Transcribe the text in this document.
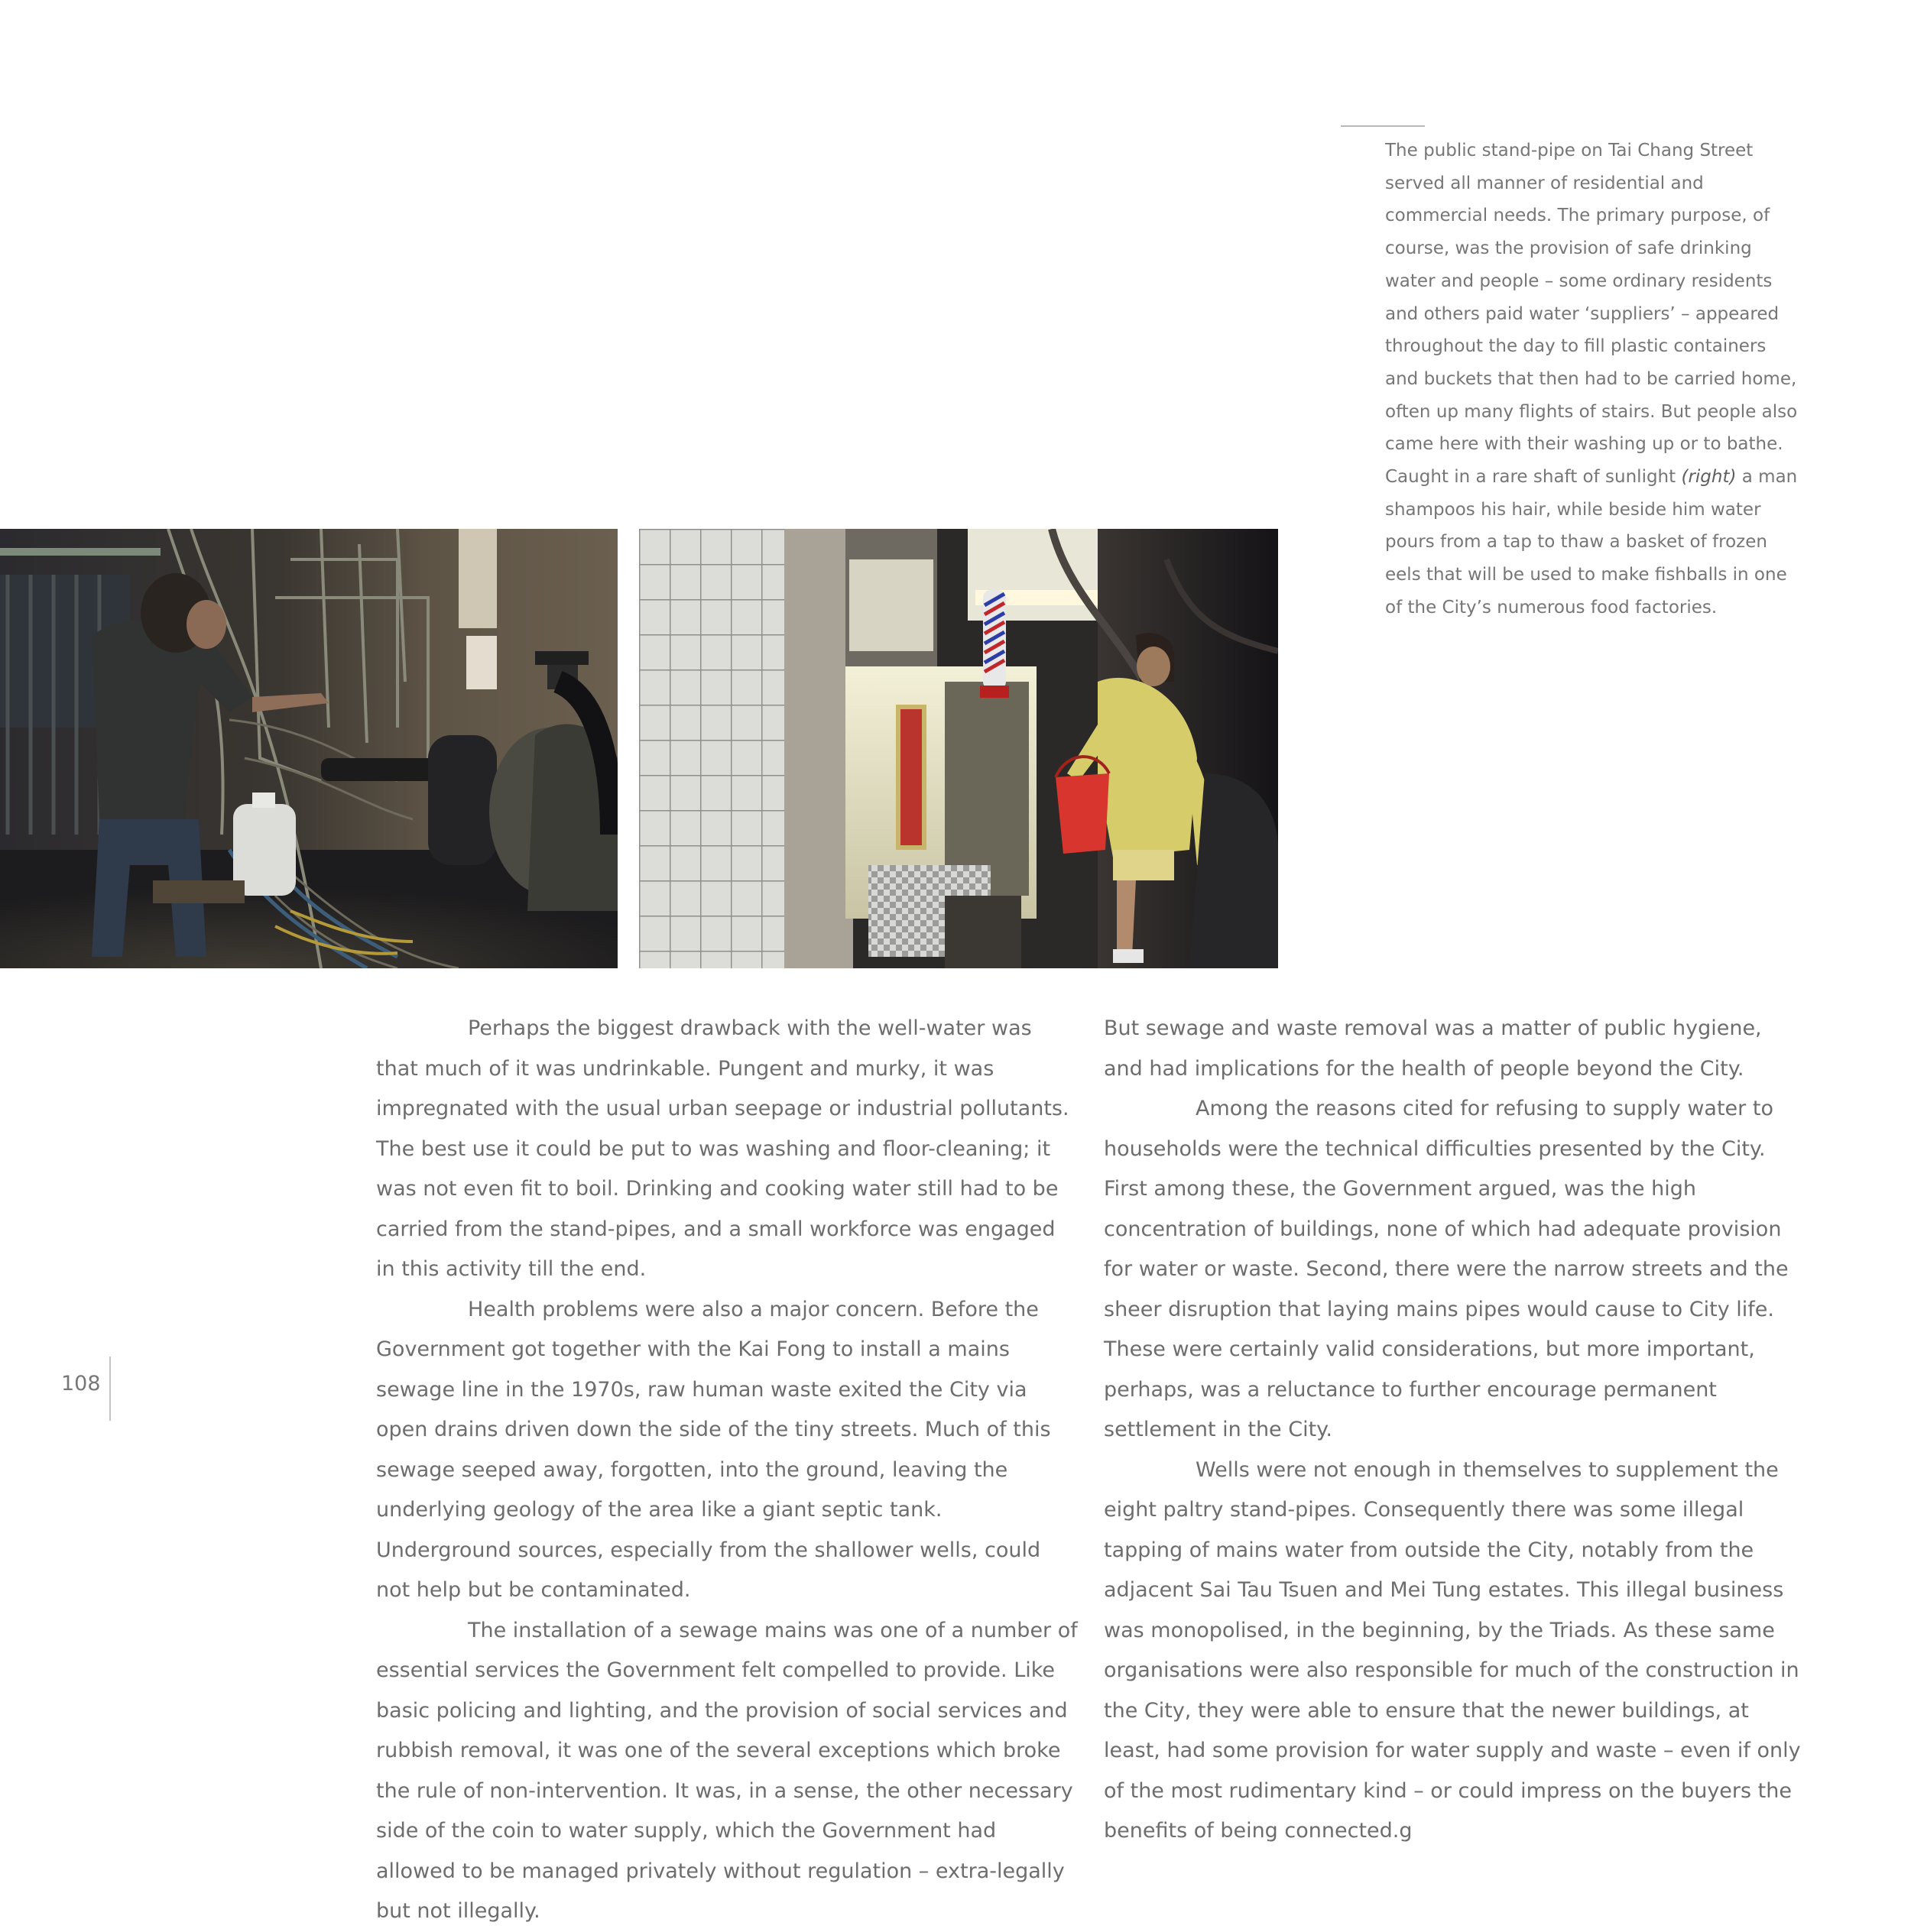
The public stand-pipe on Tai Chang Street served all manner of residential and commercial needs. The primary purpose, of course, was the provision of safe drinking water and people – some ordinary residents and others paid water ‘suppliers’ – appeared throughout the day to fill plastic containers and buckets that then had to be carried home, often up many flights of stairs. But people also came here with their washing up or to bathe. Caught in a rare shaft of sunlight (right) a man shampoos his hair, while beside him water pours from a tap to thaw a basket of frozen eels that will be used to make fishballs in one of the City’s numerous food factories.

Perhaps the biggest drawback with the well-water was that much of it was undrinkable. Pungent and murky, it was impregnated with the usual urban seepage or industrial pollutants. The best use it could be put to was washing and floor-cleaning; it was not even fit to boil. Drinking and cooking water still had to be carried from the stand-pipes, and a small workforce was engaged in this activity till the end.

Health problems were also a major concern. Before the Government got together with the Kai Fong to install a mains sewage line in the 1970s, raw human waste exited the City via open drains driven down the side of the tiny streets. Much of this sewage seeped away, forgotten, into the ground, leaving the underlying geology of the area like a giant septic tank. Underground sources, especially from the shallower wells, could not help but be contaminated.

The installation of a sewage mains was one of a number of essential services the Government felt compelled to provide. Like basic policing and lighting, and the provision of social services and rubbish removal, it was one of the several exceptions which broke the rule of non-intervention. It was, in a sense, the other necessary side of the coin to water supply, which the Government had allowed to be managed privately without regulation – extra-legally but not illegally.

But sewage and waste removal was a matter of public hygiene, and had implications for the health of people beyond the City.

Among the reasons cited for refusing to supply water to households were the technical difficulties presented by the City. First among these, the Government argued, was the high concentration of buildings, none of which had adequate provision for water or waste. Second, there were the narrow streets and the sheer disruption that laying mains pipes would cause to City life. These were certainly valid considerations, but more important, perhaps, was a reluctance to further encourage permanent settlement in the City.

Wells were not enough in themselves to supplement the eight paltry stand-pipes. Consequently there was some illegal tapping of mains water from outside the City, notably from the adjacent Sai Tau Tsuen and Mei Tung estates. This illegal business was monopolised, in the beginning, by the Triads. As these same organisations were also responsible for much of the construction in the City, they were able to ensure that the newer buildings, at least, had some provision for water supply and waste – even if only of the most rudimentary kind – or could impress on the buyers the benefits of being connected.g

108
